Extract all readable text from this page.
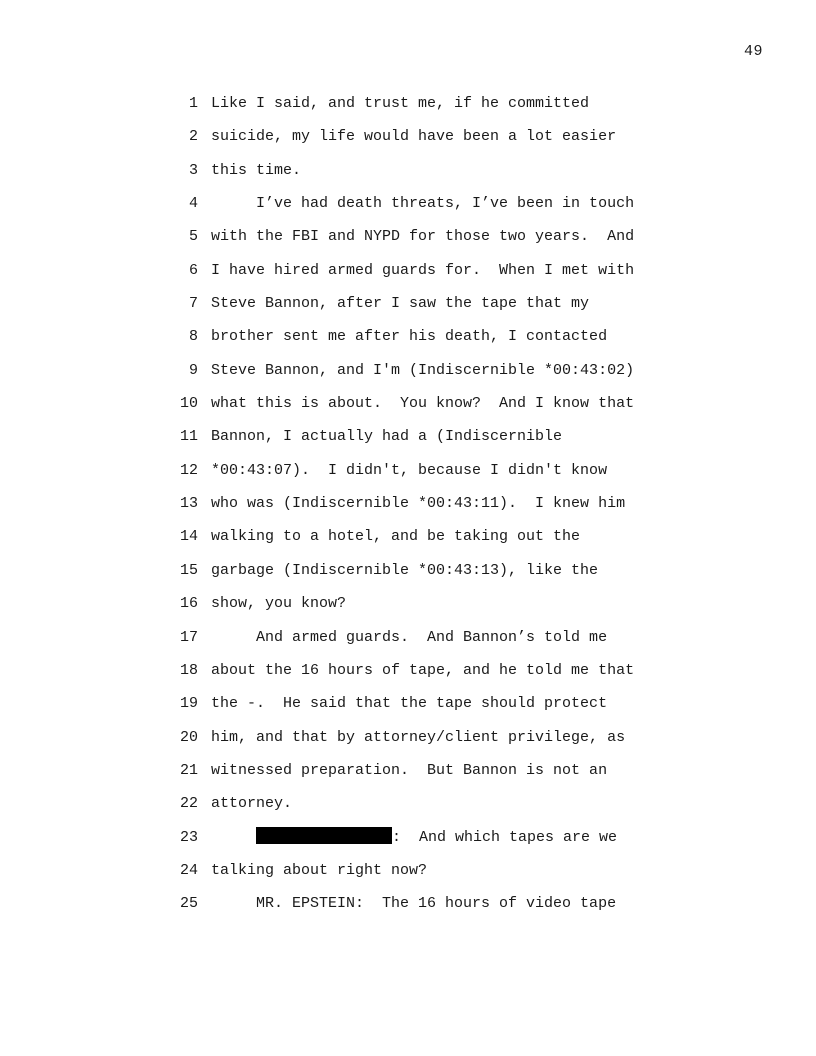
49
1 Like I said, and trust me, if he committed
2 suicide, my life would have been a lot easier
3 this time.
4 I’ve had death threats, I’ve been in touch
5 with the FBI and NYPD for those two years.  And
6 I have hired armed guards for.  When I met with
7 Steve Bannon, after I saw the tape that my
8 brother sent me after his death, I contacted
9 Steve Bannon, and I'm (Indiscernible *00:43:02)
10 what this is about.  You know?  And I know that
11 Bannon, I actually had a (Indiscernible
12 *00:43:07).  I didn't, because I didn't know
13 who was (Indiscernible *00:43:11).  I knew him
14 walking to a hotel, and be taking out the
15 garbage (Indiscernible *00:43:13), like the
16 show, you know?
17 And armed guards.  And Bannon’s told me
18 about the 16 hours of tape, and he told me that
19 the -.  He said that the tape should protect
20 him, and that by attorney/client privilege, as
21 witnessed preparation.  But Bannon is not an
22 attorney.
23	:  And which tapes are we
24 talking about right now?
25 MR. EPSTEIN:  The 16 hours of video tape
